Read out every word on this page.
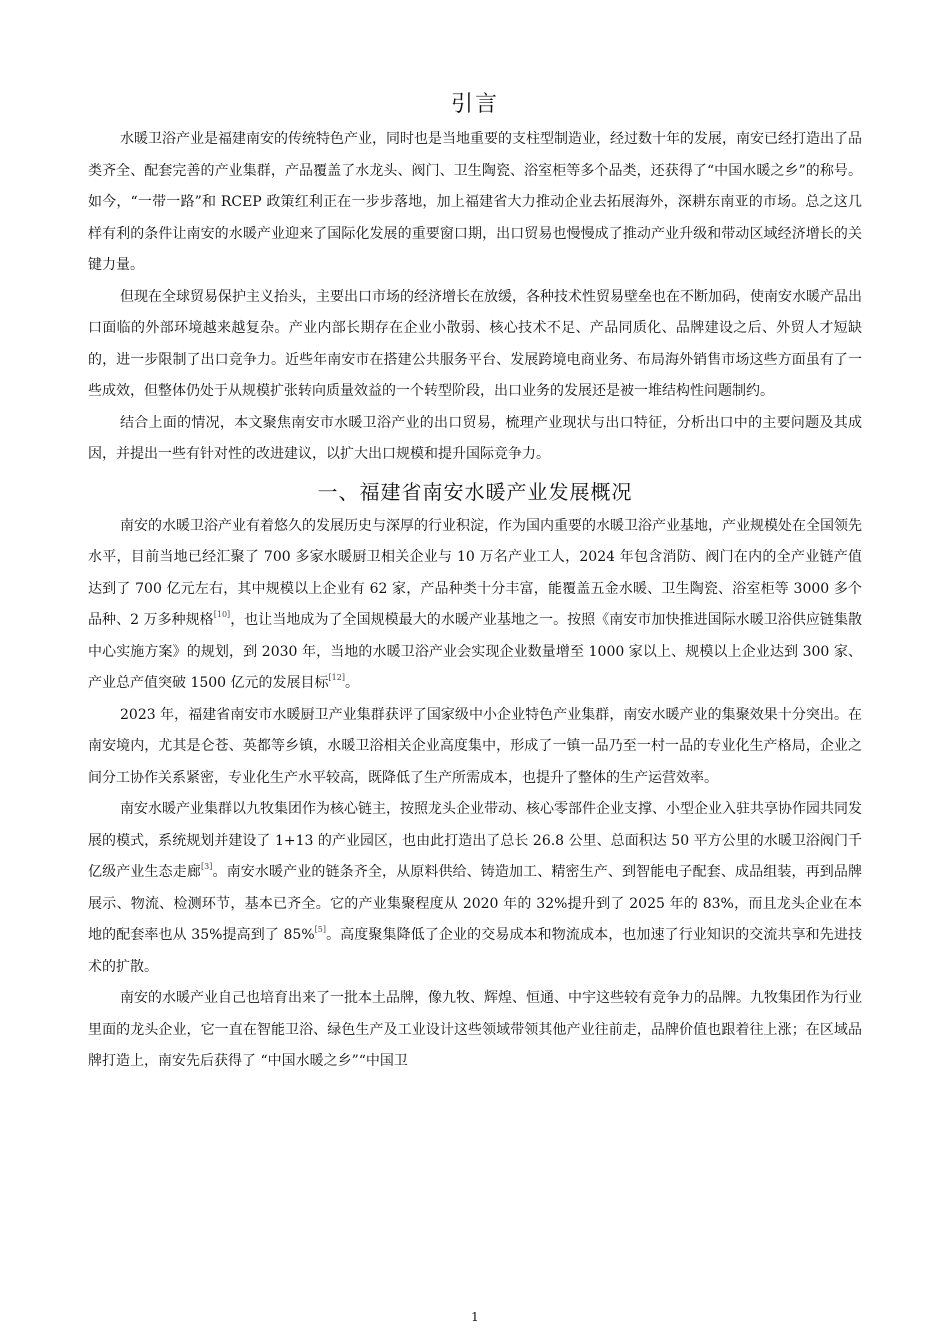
引言

水暖卫浴产业是福建南安的传统特色产业，同时也是当地重要的支柱型制造业，经过数十年的发展，南安已经打造出了品类齐全、配套完善的产业集群，产品覆盖了水龙头、阀门、卫生陶瓷、浴室柜等多个品类，还获得了“中国水暖之乡”的称号。如今，“一带一路”和 RCEP 政策红利正在一步步落地，加上福建省大力推动企业去拓展海外，深耕东南亚的市场。总之这几样有利的条件让南安的水暖产业迎来了国际化发展的重要窗口期，出口贸易也慢慢成了推动产业升级和带动区域经济增长的关键力量。

但现在全球贸易保护主义抬头，主要出口市场的经济增长在放缓，各种技术性贸易壁垒也在不断加码，使南安水暖产品出口面临的外部环境越来越复杂。产业内部长期存在企业小散弱、核心技术不足、产品同质化、品牌建设之后、外贸人才短缺的，进一步限制了出口竞争力。近些年南安市在搭建公共服务平台、发展跨境电商业务、布局海外销售市场这些方面虽有了一些成效，但整体仍处于从规模扩张转向质量效益的一个转型阶段，出口业务的发展还是被一堆结构性问题制约。

结合上面的情况，本文聚焦南安市水暖卫浴产业的出口贸易，梳理产业现状与出口特征，分析出口中的主要问题及其成因，并提出一些有针对性的改进建议，以扩大出口规模和提升国际竞争力。

一、福建省南安水暖产业发展概况

南安的水暖卫浴产业有着悠久的发展历史与深厚的行业积淀，作为国内重要的水暖卫浴产业基地，产业规模处在全国领先水平，目前当地已经汇聚了 700 多家水暖厨卫相关企业与 10 万名产业工人，2024 年包含消防、阀门在内的全产业链产值达到了 700 亿元左右，其中规模以上企业有 62 家，产品种类十分丰富，能覆盖五金水暖、卫生陶瓷、浴室柜等 3000 多个品种、2 万多种规格[10]，也让当地成为了全国规模最大的水暖产业基地之一。按照《南安市加快推进国际水暖卫浴供应链集散中心实施方案》的规划，到 2030 年，当地的水暖卫浴产业会实现企业数量增至 1000 家以上、规模以上企业达到 300 家、产业总产值突破 1500 亿元的发展目标[12]。

2023 年，福建省南安市水暖厨卫产业集群获评了国家级中小企业特色产业集群，南安水暖产业的集聚效果十分突出。在南安境内，尤其是仑苍、英都等乡镇，水暖卫浴相关企业高度集中，形成了一镇一品乃至一村一品的专业化生产格局，企业之间分工协作关系紧密，专业化生产水平较高，既降低了生产所需成本，也提升了整体的生产运营效率。

南安水暖产业集群以九牧集团作为核心链主，按照龙头企业带动、核心零部件企业支撑、小型企业入驻共享协作园共同发展的模式，系统规划并建设了 1+13 的产业园区，也由此打造出了总长 26.8 公里、总面积达 50 平方公里的水暖卫浴阀门千亿级产业生态走廊[3]。南安水暖产业的链条齐全，从原料供给、铸造加工、精密生产、到智能电子配套、成品组装，再到品牌展示、物流、检测环节，基本已齐全。它的产业集聚程度从 2020 年的 32%提升到了 2025 年的 83%，而且龙头企业在本地的配套率也从 35%提高到了 85%[5]。高度聚集降低了企业的交易成本和物流成本，也加速了行业知识的交流共享和先进技术的扩散。

南安的水暖产业自己也培育出来了一批本土品牌，像九牧、辉煌、恒通、中宇这些较有竞争力的品牌。九牧集团作为行业里面的龙头企业，它一直在智能卫浴、绿色生产及工业设计这些领域带领其他产业往前走，品牌价值也跟着往上涨；在区域品牌打造上，南安先后获得了 “中国水暖之乡”“中国卫

1
